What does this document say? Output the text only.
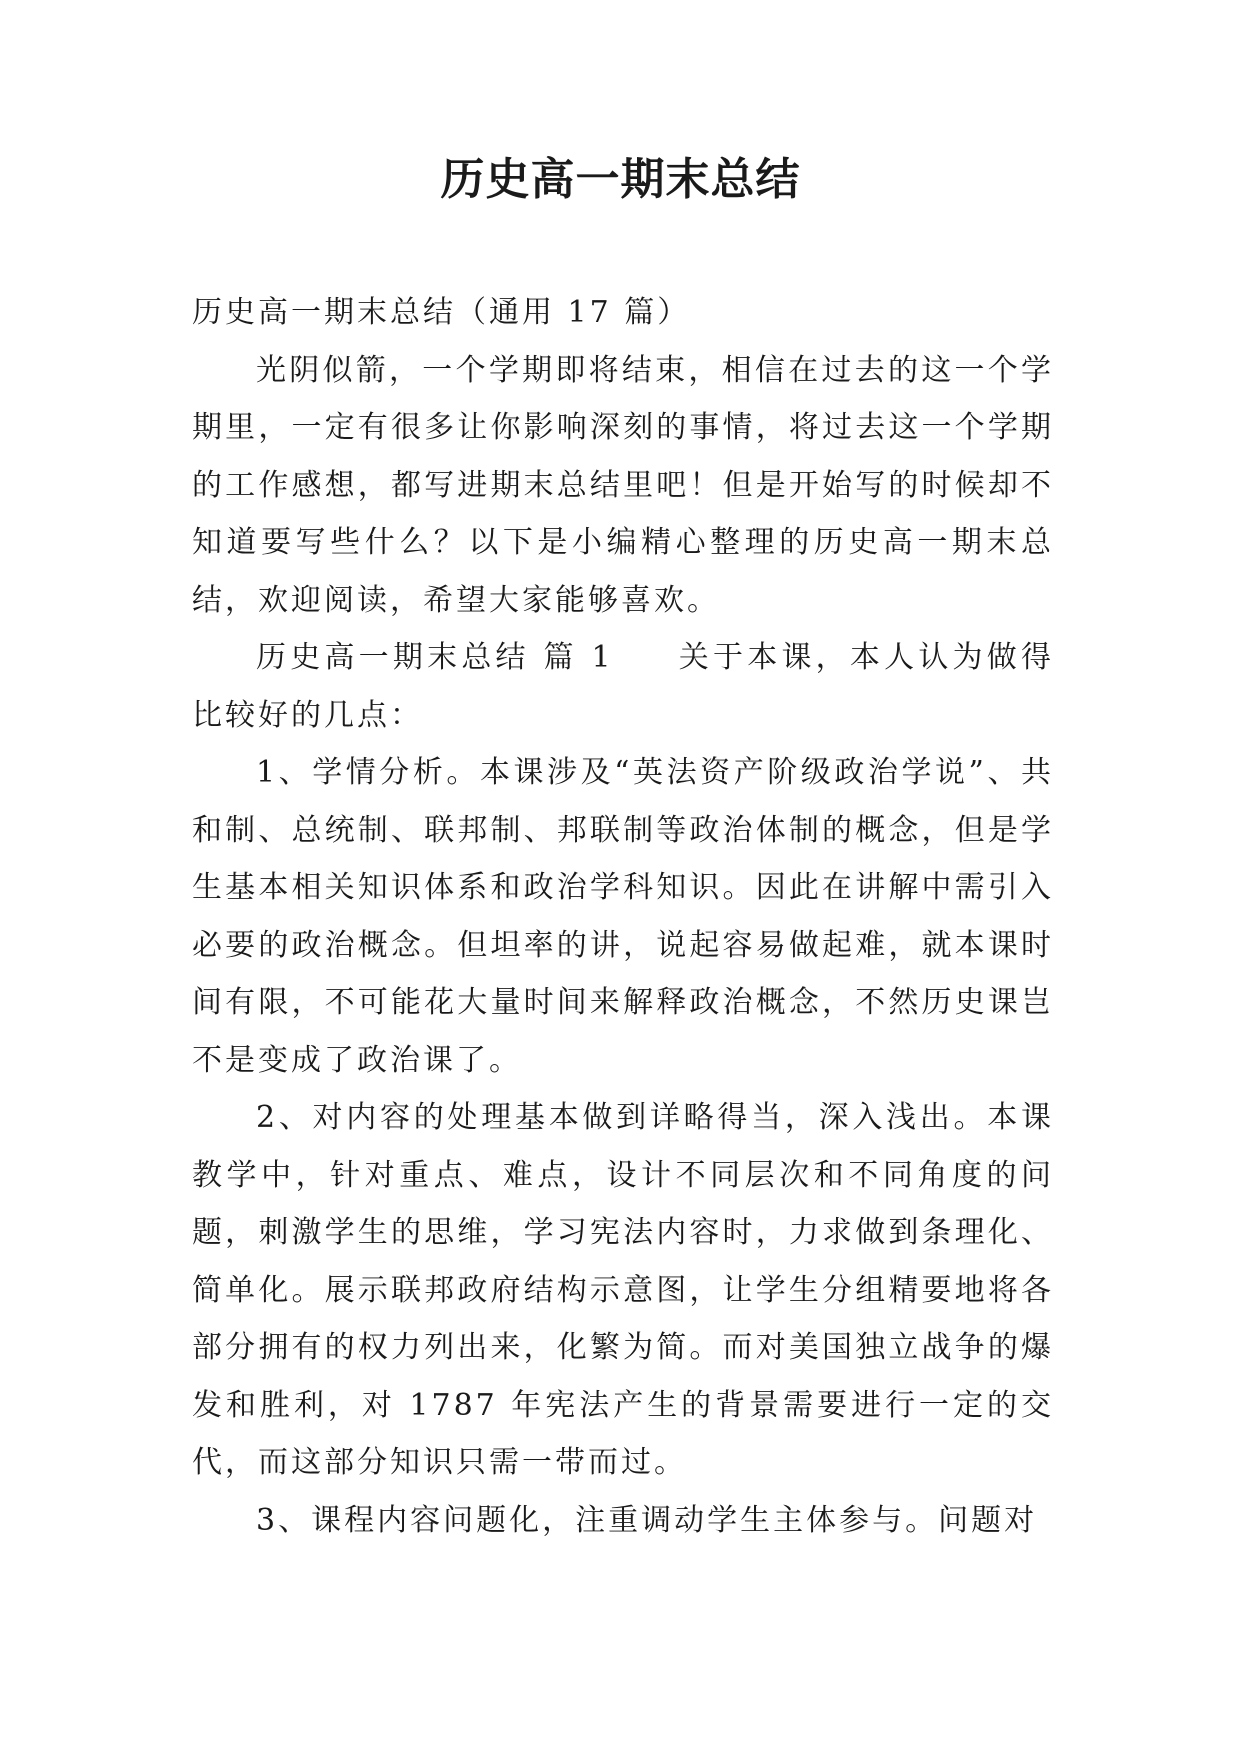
历史高一期末总结

历史高一期末总结（通用 17 篇）

光阴似箭，一个学期即将结束，相信在过去的这一个学期里，一定有很多让你影响深刻的事情，将过去这一个学期的工作感想，都写进期末总结里吧！但是开始写的时候却不知道要写些什么？以下是小编精心整理的历史高一期末总结，欢迎阅读，希望大家能够喜欢。

历史高一期末总结 篇 1 关于本课，本人认为做得比较好的几点：

1、学情分析。本课涉及“英法资产阶级政治学说”、共和制、总统制、联邦制、邦联制等政治体制的概念，但是学生基本相关知识体系和政治学科知识。因此在讲解中需引入必要的政治概念。但坦率的讲，说起容易做起难，就本课时间有限，不可能花大量时间来解释政治概念，不然历史课岂不是变成了政治课了。

2、对内容的处理基本做到详略得当，深入浅出。本课教学中，针对重点、难点，设计不同层次和不同角度的问题，刺激学生的思维，学习宪法内容时，力求做到条理化、简单化。展示联邦政府结构示意图，让学生分组精要地将各部分拥有的权力列出来，化繁为简。而对美国独立战争的爆发和胜利，对 1787 年宪法产生的背景需要进行一定的交代，而这部分知识只需一带而过。

3、课程内容问题化，注重调动学生主体参与。问题对
